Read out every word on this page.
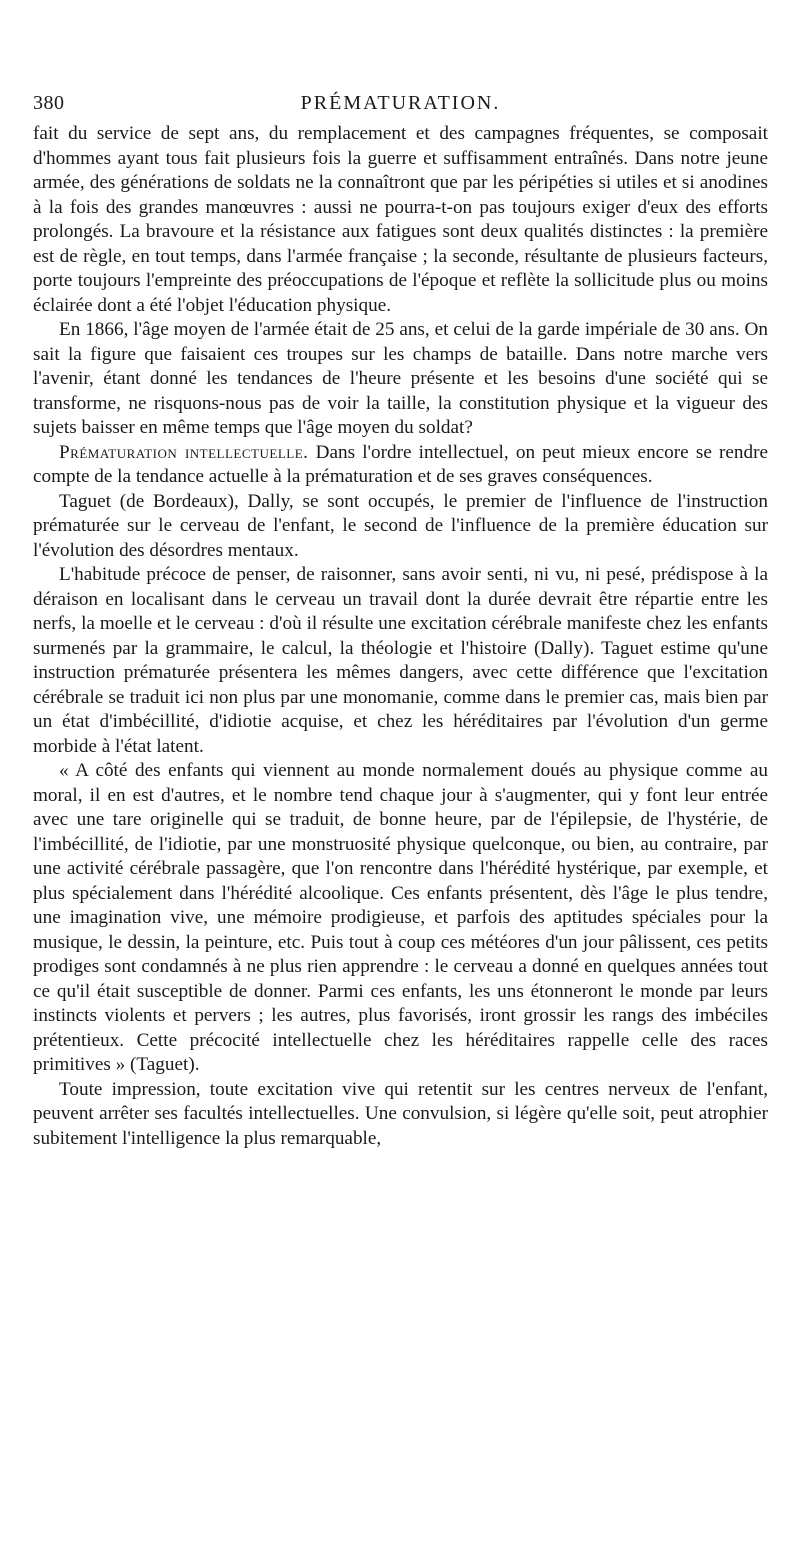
380	PRÉMATURATION.

fait du service de sept ans, du remplacement et des campagnes fréquentes, se composait d'hommes ayant tous fait plusieurs fois la guerre et suffisamment entraînés. Dans notre jeune armée, des générations de soldats ne la connaîtront que par les péripéties si utiles et si anodines à la fois des grandes manœuvres : aussi ne pourra-t-on pas toujours exiger d'eux des efforts prolongés. La bravoure et la résistance aux fatigues sont deux qualités distinctes : la première est de règle, en tout temps, dans l'armée française ; la seconde, résultante de plusieurs facteurs, porte toujours l'empreinte des préoccupations de l'époque et reflète la sollicitude plus ou moins éclairée dont a été l'objet l'éducation physique.

En 1866, l'âge moyen de l'armée était de 25 ans, et celui de la garde impériale de 30 ans. On sait la figure que faisaient ces troupes sur les champs de bataille. Dans notre marche vers l'avenir, étant donné les tendances de l'heure présente et les besoins d'une société qui se transforme, ne risquons-nous pas de voir la taille, la constitution physique et la vigueur des sujets baisser en même temps que l'âge moyen du soldat?

Prématuration intellectuelle. Dans l'ordre intellectuel, on peut mieux encore se rendre compte de la tendance actuelle à la prématuration et de ses graves conséquences.

Taguet (de Bordeaux), Dally, se sont occupés, le premier de l'influence de l'instruction prématurée sur le cerveau de l'enfant, le second de l'influence de la première éducation sur l'évolution des désordres mentaux.

L'habitude précoce de penser, de raisonner, sans avoir senti, ni vu, ni pesé, prédispose à la déraison en localisant dans le cerveau un travail dont la durée devrait être répartie entre les nerfs, la moelle et le cerveau : d'où il résulte une excitation cérébrale manifeste chez les enfants surmenés par la grammaire, le calcul, la théologie et l'histoire (Dally). Taguet estime qu'une instruction prématurée présentera les mêmes dangers, avec cette différence que l'excitation cérébrale se traduit ici non plus par une monomanie, comme dans le premier cas, mais bien par un état d'imbécillité, d'idiotie acquise, et chez les héréditaires par l'évolution d'un germe morbide à l'état latent.

« A côté des enfants qui viennent au monde normalement doués au physique comme au moral, il en est d'autres, et le nombre tend chaque jour à s'augmenter, qui y font leur entrée avec une tare originelle qui se traduit, de bonne heure, par de l'épilepsie, de l'hystérie, de l'imbécillité, de l'idiotie, par une monstruosité physique quelconque, ou bien, au contraire, par une activité cérébrale passagère, que l'on rencontre dans l'hérédité hystérique, par exemple, et plus spécialement dans l'hérédité alcoolique. Ces enfants présentent, dès l'âge le plus tendre, une imagination vive, une mémoire prodigieuse, et parfois des aptitudes spéciales pour la musique, le dessin, la peinture, etc. Puis tout à coup ces météores d'un jour pâlissent, ces petits prodiges sont condamnés à ne plus rien apprendre : le cerveau a donné en quelques années tout ce qu'il était susceptible de donner. Parmi ces enfants, les uns étonneront le monde par leurs instincts violents et pervers ; les autres, plus favorisés, iront grossir les rangs des imbéciles prétentieux. Cette précocité intellectuelle chez les héréditaires rappelle celle des races primitives » (Taguet).

Toute impression, toute excitation vive qui retentit sur les centres nerveux de l'enfant, peuvent arrêter ses facultés intellectuelles. Une convulsion, si légère qu'elle soit, peut atrophier subitement l'intelligence la plus remarquable,
